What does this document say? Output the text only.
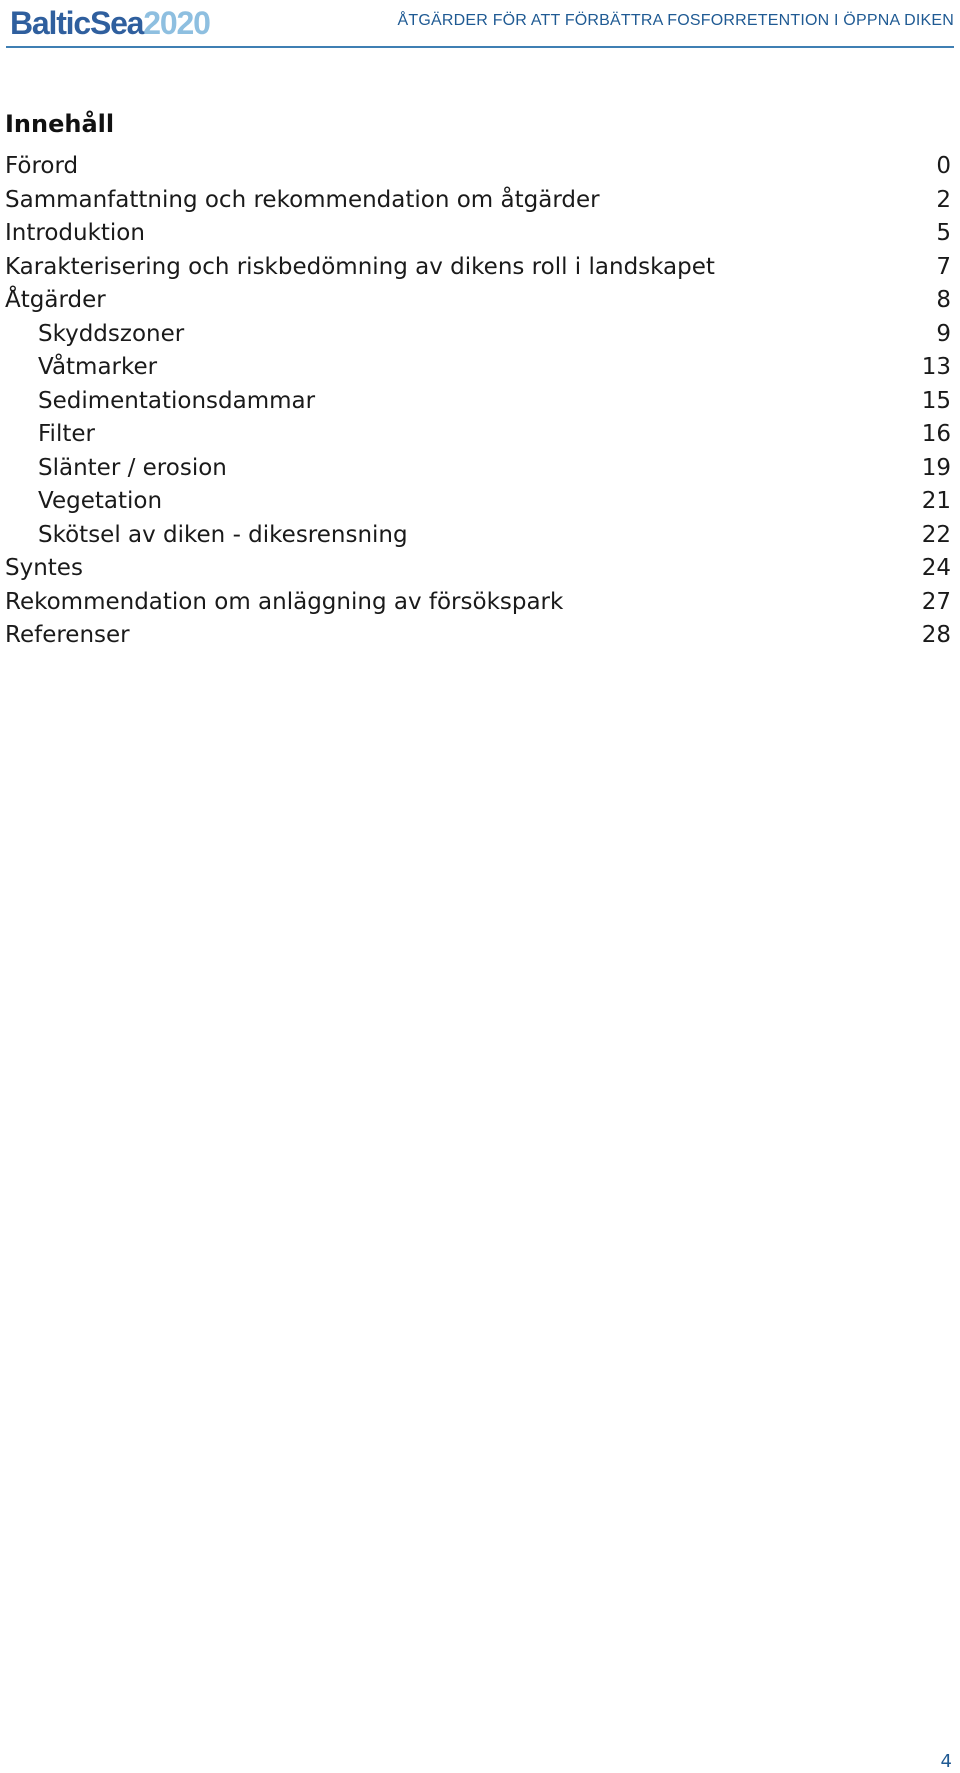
BalticSea2020	ÅTGÄRDER FÖR ATT FÖRBÄTTRA FOSFORRETENTION I ÖPPNA DIKEN
Innehåll
Förord	0
Sammanfattning och rekommendation om åtgärder	2
Introduktion	5
Karakterisering och riskbedömning av dikens roll i landskapet	7
Åtgärder	8
Skyddszoner	9
Våtmarker	13
Sedimentationsdammar	15
Filter	16
Slänter / erosion	19
Vegetation	21
Skötsel av diken - dikesrensning	22
Syntes	24
Rekommendation om anläggning av försökspark	27
Referenser	28
4
